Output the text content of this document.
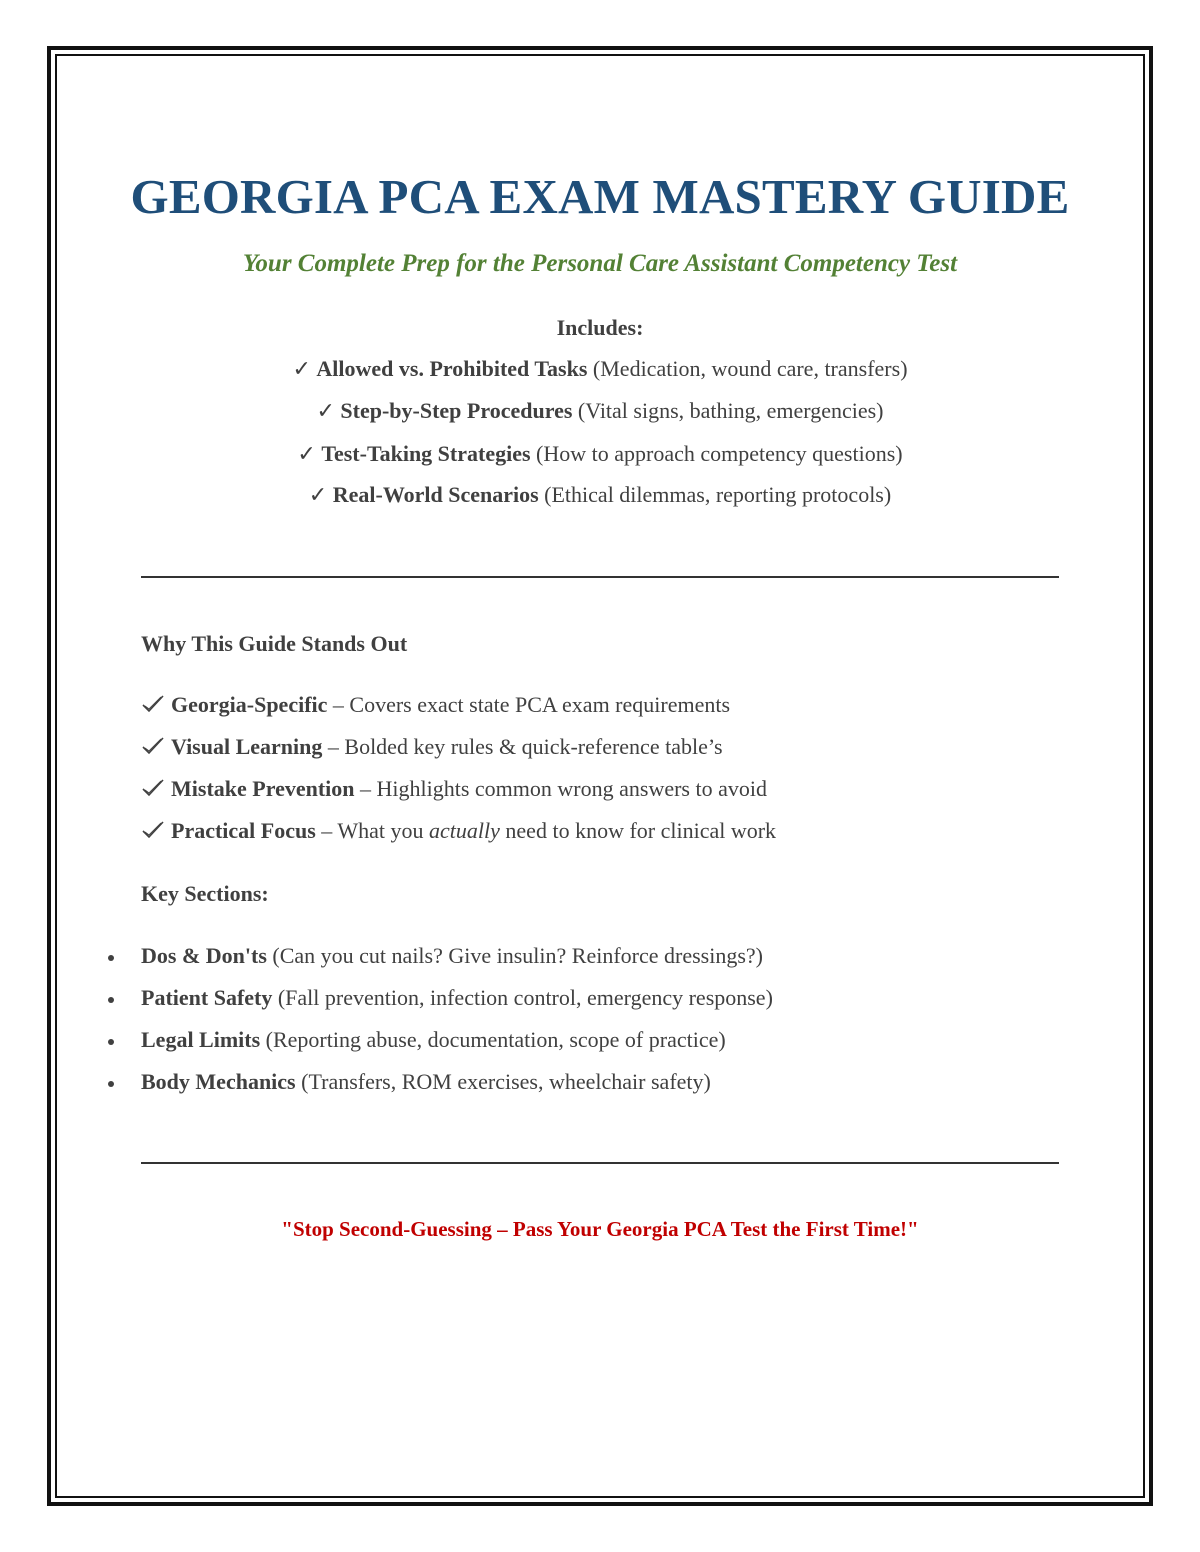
GEORGIA PCA EXAM MASTERY GUIDE
Your Complete Prep for the Personal Care Assistant Competency Test
Includes:
✓ Allowed vs. Prohibited Tasks (Medication, wound care, transfers)
✓ Step-by-Step Procedures (Vital signs, bathing, emergencies)
✓ Test-Taking Strategies (How to approach competency questions)
✓ Real-World Scenarios (Ethical dilemmas, reporting protocols)
Why This Guide Stands Out
Georgia-Specific – Covers exact state PCA exam requirements
Visual Learning – Bolded key rules & quick-reference table’s
Mistake Prevention – Highlights common wrong answers to avoid
Practical Focus – What you actually need to know for clinical work
Key Sections:
Dos & Don'ts (Can you cut nails? Give insulin? Reinforce dressings?)
Patient Safety (Fall prevention, infection control, emergency response)
Legal Limits (Reporting abuse, documentation, scope of practice)
Body Mechanics (Transfers, ROM exercises, wheelchair safety)
"Stop Second-Guessing – Pass Your Georgia PCA Test the First Time!"
